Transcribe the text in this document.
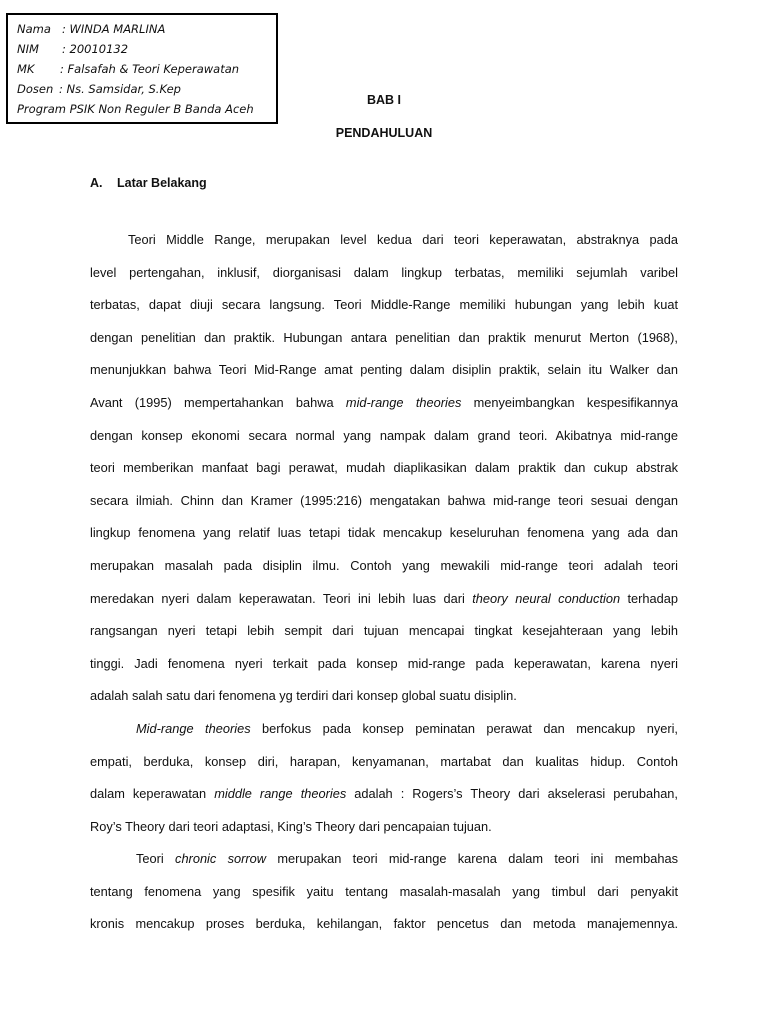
Nama : WINDA MARLINA
NIM : 20010132
MK : Falsafah & Teori Keperawatan
Dosen : Ns. Samsidar, S.Kep
Program PSIK Non Reguler B Banda Aceh
BAB I
PENDAHULUAN
A. Latar Belakang
Teori Middle Range, merupakan level kedua dari teori keperawatan, abstraknya pada
level pertengahan, inklusif, diorganisasi dalam lingkup terbatas, memiliki sejumlah varibel
terbatas, dapat diuji secara langsung. Teori Middle-Range memiliki hubungan yang lebih kuat
dengan penelitian dan praktik. Hubungan antara penelitian dan praktik menurut Merton (1968),
menunjukkan bahwa Teori Mid-Range amat penting dalam disiplin praktik, selain itu Walker dan
Avant (1995) mempertahankan bahwa mid-range theories menyeimbangkan kespesifikannya
dengan konsep ekonomi secara normal yang nampak dalam grand teori. Akibatnya mid-range
teori memberikan manfaat bagi perawat, mudah diaplikasikan dalam praktik dan cukup abstrak
secara ilmiah. Chinn dan Kramer (1995:216) mengatakan bahwa mid-range teori sesuai dengan
lingkup fenomena yang relatif luas tetapi tidak mencakup keseluruhan fenomena yang ada dan
merupakan masalah pada disiplin ilmu. Contoh yang mewakili mid-range teori adalah teori
meredakan nyeri dalam keperawatan. Teori ini lebih luas dari theory neural conduction terhadap
rangsangan nyeri tetapi lebih sempit dari tujuan mencapai tingkat kesejahteraan yang lebih
tinggi. Jadi fenomena nyeri terkait pada konsep mid-range pada keperawatan, karena nyeri
adalah salah satu dari fenomena yg terdiri dari konsep global suatu disiplin.
Mid-range theories berfokus pada konsep peminatan perawat dan mencakup nyeri,
empati, berduka, konsep diri, harapan, kenyamanan, martabat dan kualitas hidup. Contoh
dalam keperawatan middle range theories adalah : Rogers’s Theory dari akselerasi perubahan,
Roy’s Theory dari teori adaptasi, King’s Theory dari pencapaian tujuan.
Teori chronic sorrow merupakan teori mid-range karena dalam teori ini membahas
tentang fenomena yang spesifik yaitu tentang masalah-masalah yang timbul dari penyakit
kronis mencakup proses berduka, kehilangan, faktor pencetus dan metoda manajemennya.
